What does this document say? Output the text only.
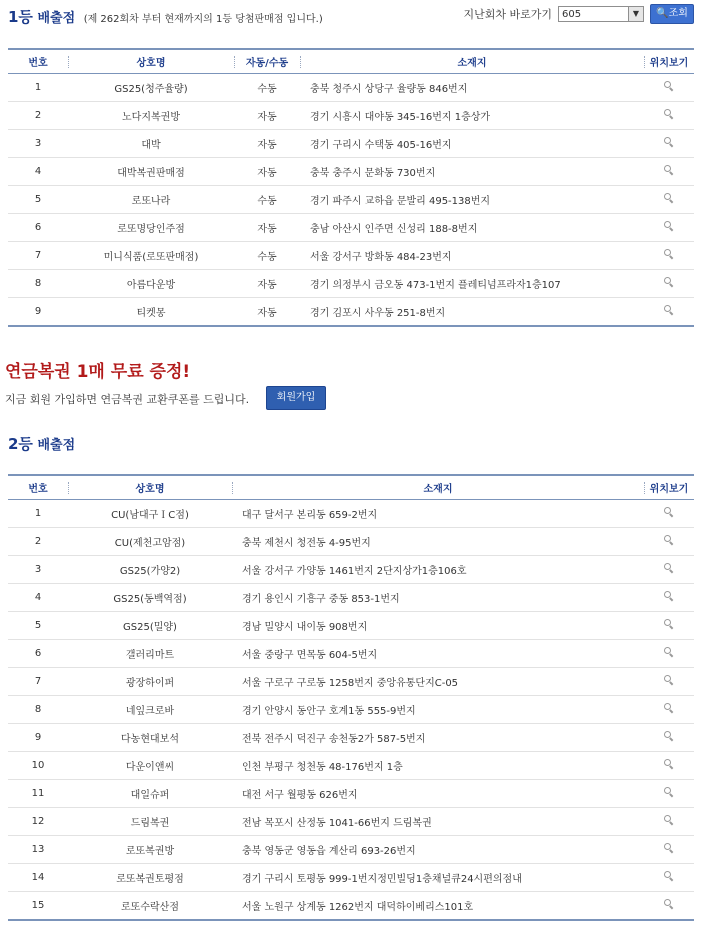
1등 배출점 (제 262회차 부터 현재까지의 1등 당첨판매점 입니다.)	지난회차 바로가기	605	▼	🔍조회
번호	상호명	자동/수동	소재지	위치보기
1	GS25(청주율량)	수동	충북 청주시 상당구 율량동 846번지	
2	노다지복권방	자동	경기 시흥시 대야동 345-16번지 1층상가	
3	대박	자동	경기 구리시 수택동 405-16번지	
4	대박복권판매점	자동	충북 충주시 문화동 730번지	
5	로또나라	수동	경기 파주시 교하읍 문발리 495-138번지	
6	로또명당인주점	자동	충남 아산시 인주면 신성리 188-8번지	
7	미니식품(로또판매점)	수동	서울 강서구 방화동 484-23번지	
8	아름다운방	자동	경기 의정부시 금오동 473-1번지 플레티넘프라자1층107	
9	티켓몽	자동	경기 김포시 사우동 251-8번지	
연금복권 1매 무료 증정!
지금 회원 가입하면 연금복권 교환쿠폰를 드립니다.	회원가입
2등 배출점
번호	상호명	소재지	위치보기
1	CU(남대구ＩC점)	대구 달서구 본리동 659-2번지	
2	CU(제천고암점)	충북 제천시 청전동 4-95번지	
3	GS25(가양2)	서울 강서구 가양동 1461번지 2단지상가1층106호	
4	GS25(동백역점)	경기 용인시 기흥구 중동 853-1번지	
5	GS25(밀양)	경남 밀양시 내이동 908번지	
6	갤러리마트	서울 중랑구 면목동 604-5번지	
7	광장하이퍼	서울 구로구 구로동 1258번지 중앙유통단지C-05	
8	네잎크로바	경기 안양시 동안구 호계1동 555-9번지	
9	다농현대보석	전북 전주시 덕진구 송천동2가 587-5번지	
10	다운이앤씨	인천 부평구 청천동 48-176번지 1층	
11	대일슈퍼	대전 서구 월평동 626번지	
12	드림복권	전남 목포시 산정동 1041-66번지 드림복권	
13	로또복권방	충북 영동군 영동읍 계산리 693-26번지	
14	로또복권토평점	경기 구리시 토평동 999-1번지정민빌딩1층채널큐24시편의점내	
15	로또수락산점	서울 노원구 상계동 1262번지 대덕하이베리스101호	
